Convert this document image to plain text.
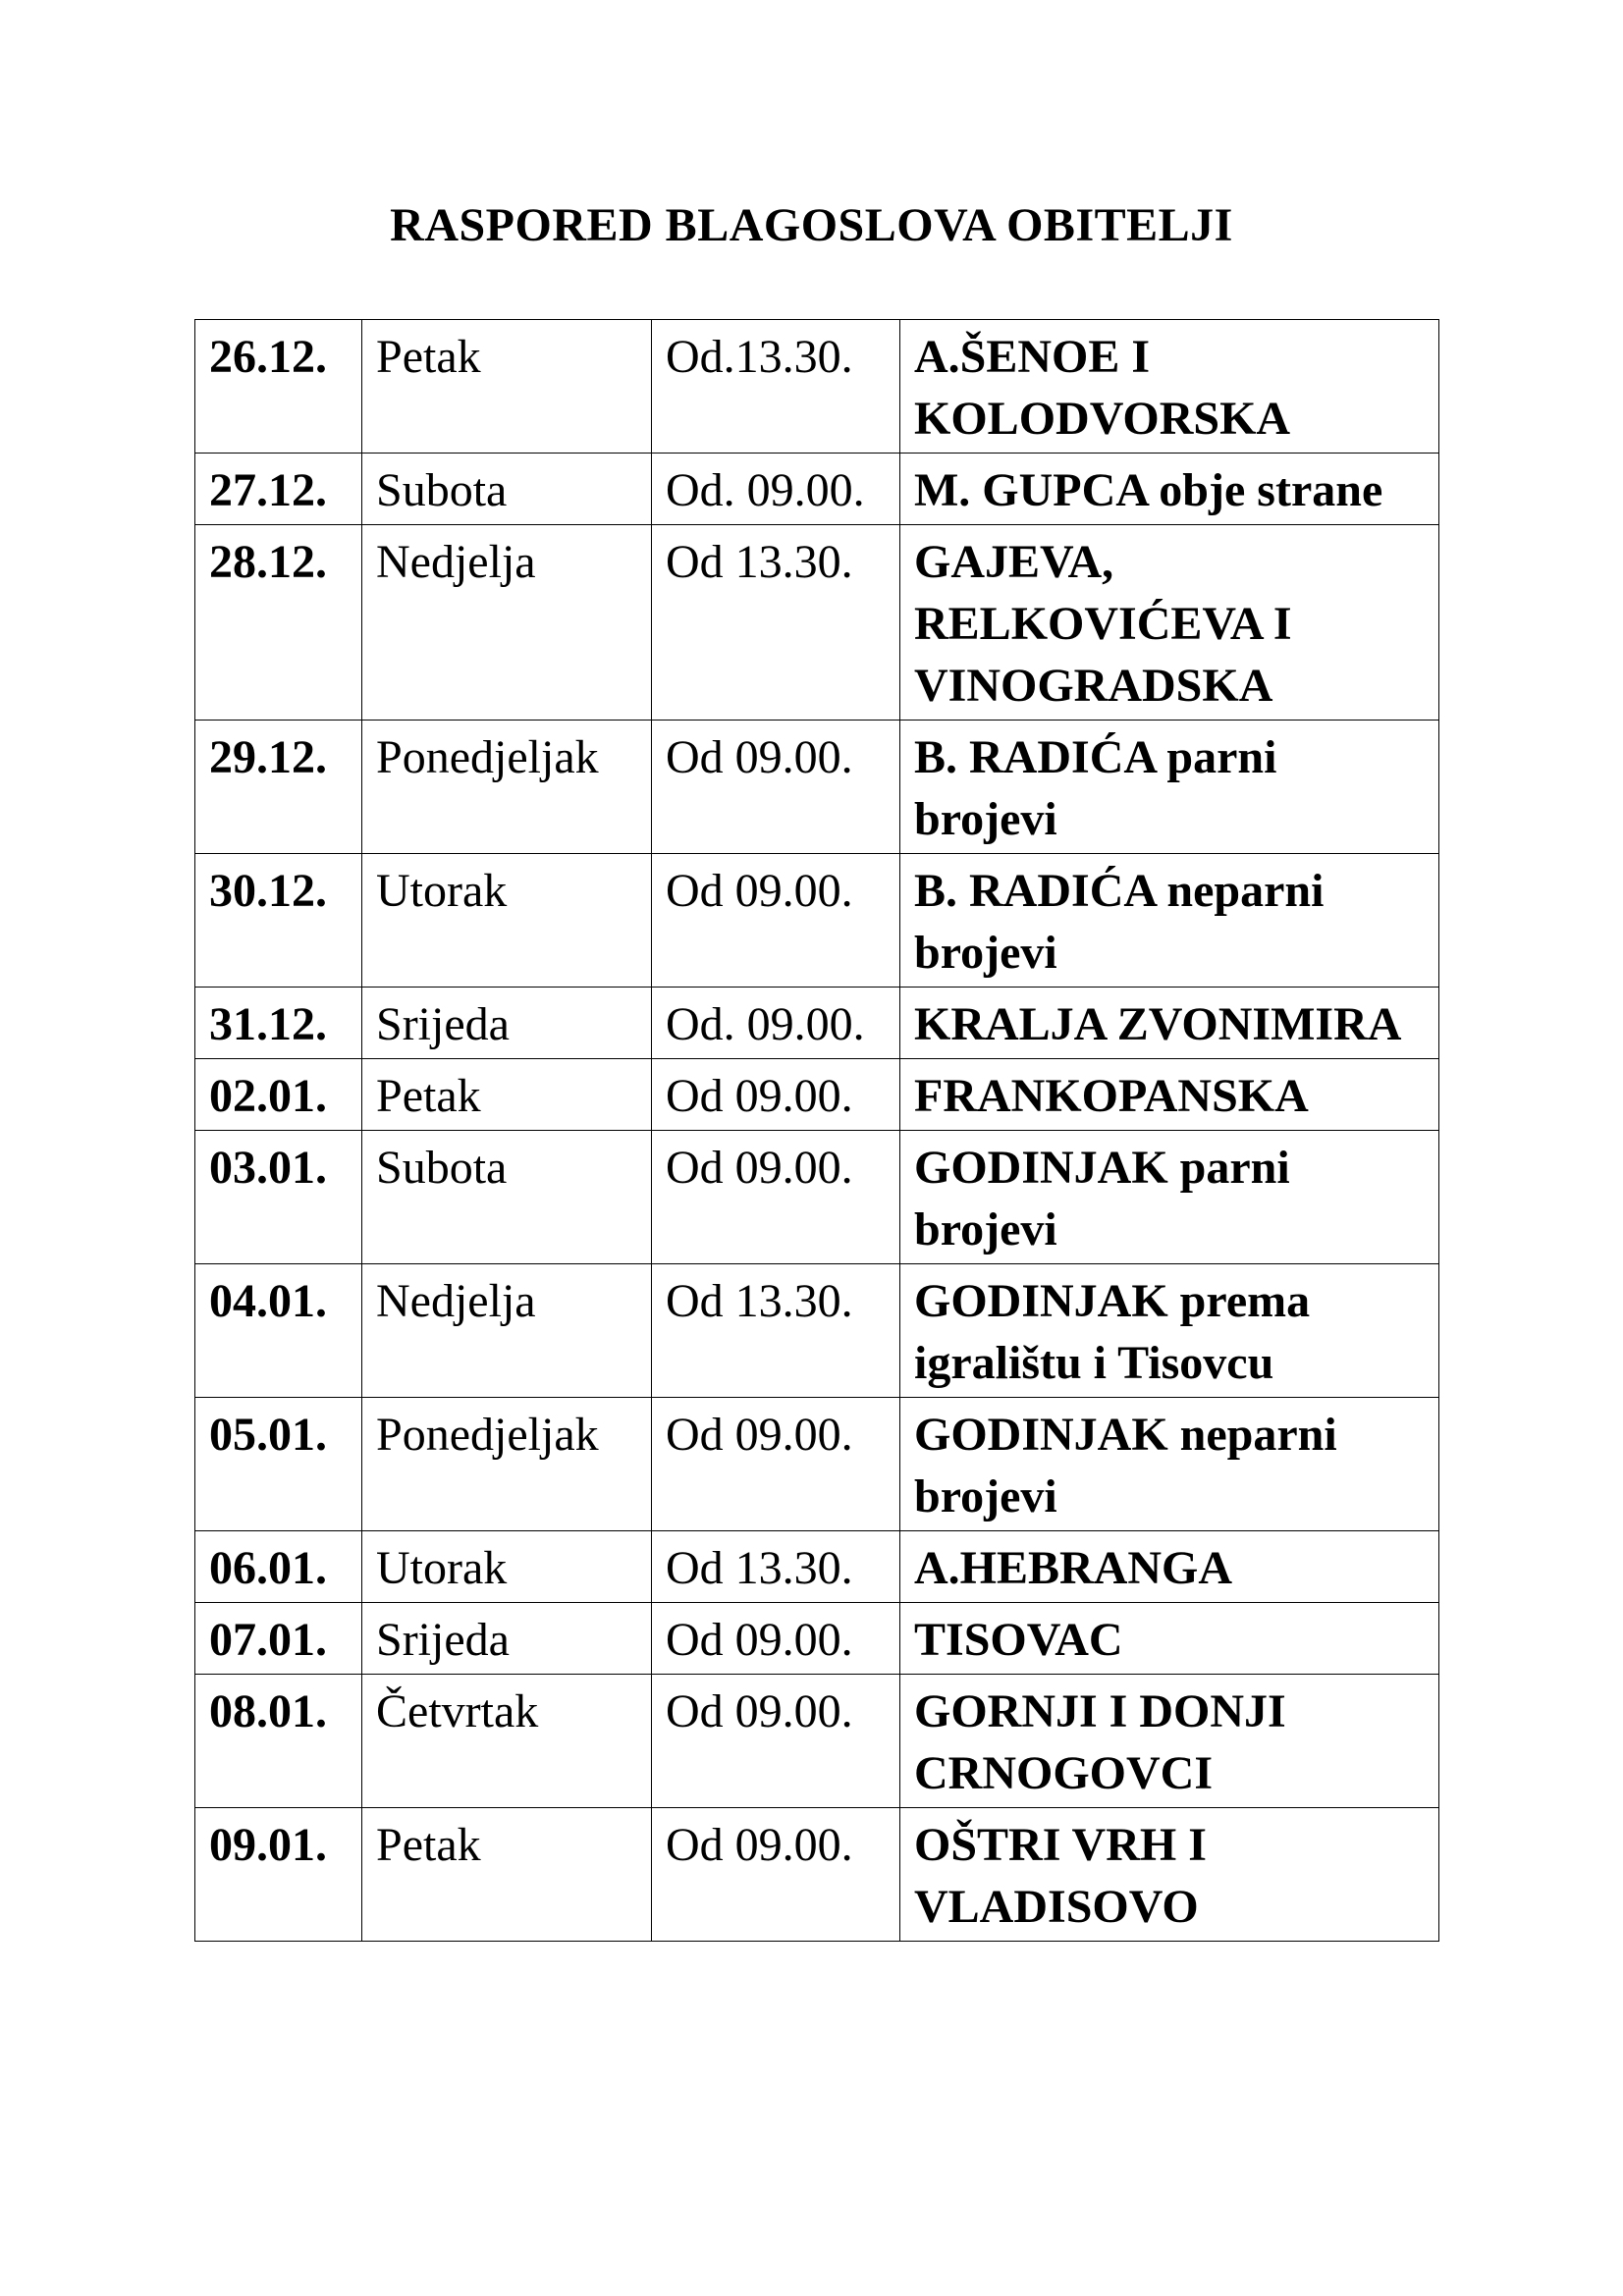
RASPORED BLAGOSLOVA OBITELJI
26.12.	Petak	Od.13.30.	A.ŠENOE I KOLODVORSKA
27.12.	Subota	Od. 09.00.	M. GUPCA obje strane
28.12.	Nedjelja	Od 13.30.	GAJEVA, RELKOVIĆEVA I VINOGRADSKA
29.12.	Ponedjeljak	Od 09.00.	B. RADIĆA parni brojevi
30.12.	Utorak	Od 09.00.	B. RADIĆA neparni brojevi
31.12.	Srijeda	Od. 09.00.	KRALJA ZVONIMIRA
02.01.	Petak	Od 09.00.	FRANKOPANSKA
03.01.	Subota	Od 09.00.	GODINJAK parni brojevi
04.01.	Nedjelja	Od 13.30.	GODINJAK prema igralištu i Tisovcu
05.01.	Ponedjeljak	Od 09.00.	GODINJAK neparni brojevi
06.01.	Utorak	Od 13.30.	A.HEBRANGA
07.01.	Srijeda	Od 09.00.	TISOVAC
08.01.	Četvrtak	Od 09.00.	GORNJI I DONJI CRNOGOVCI
09.01.	Petak	Od 09.00.	OŠTRI VRH I VLADISOVO
